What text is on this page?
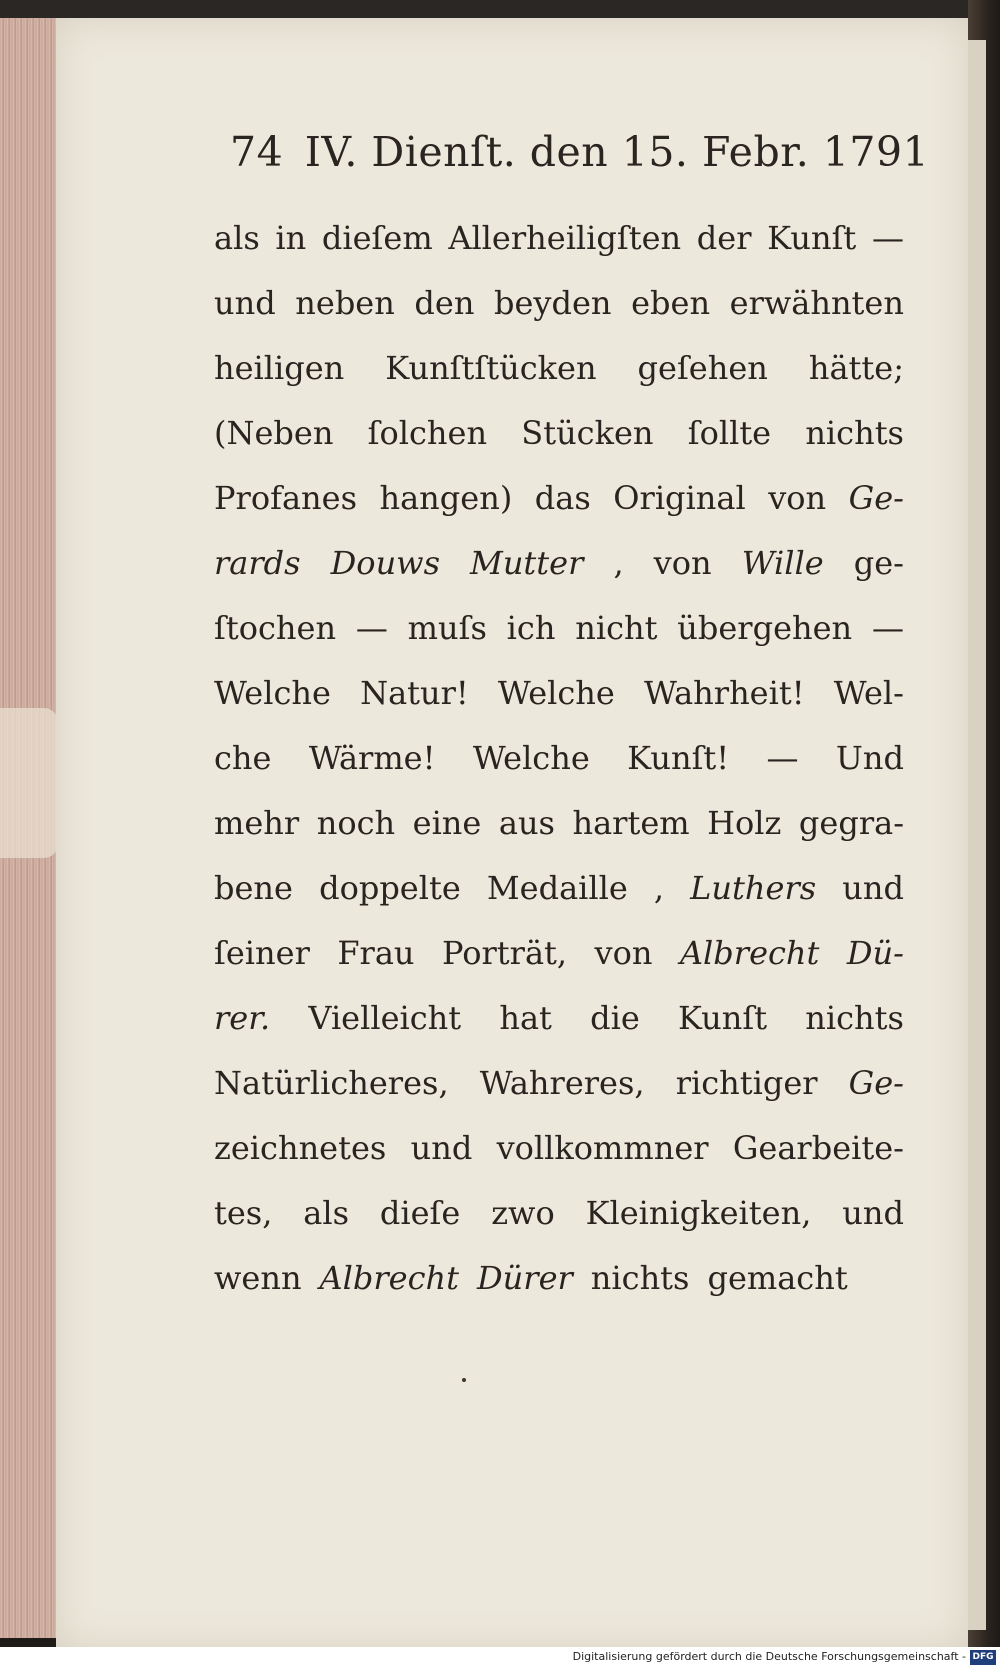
74 IV. Dienſt. den 15. Febr. 1791
als in dieſem Allerheiligſten der Kunſt —
und neben den beyden eben erwähnten
heiligen Kunſtſtücken geſehen hätte;
(Neben ſolchen Stücken ſollte nichts
Profanes hangen) das Original von Ge-
rards Douws Mutter , von Wille ge-
ſtochen — muſs ich nicht übergehen —
Welche Natur! Welche Wahrheit! Wel-
che Wärme! Welche Kunſt! — Und
mehr noch eine aus hartem Holz gegra-
bene doppelte Medaille , Luthers und
ſeiner Frau Porträt, von Albrecht Dü-
rer. Vielleicht hat die Kunſt nichts
Natürlicheres, Wahreres, richtiger Ge-
zeichnetes und vollkommner Gearbeite-
tes, als dieſe zwo Kleinigkeiten, und
wenn Albrecht Dürer nichts gemacht
Digitalisierung gefördert durch die Deutsche Forschungsgemeinschaft - DFG
